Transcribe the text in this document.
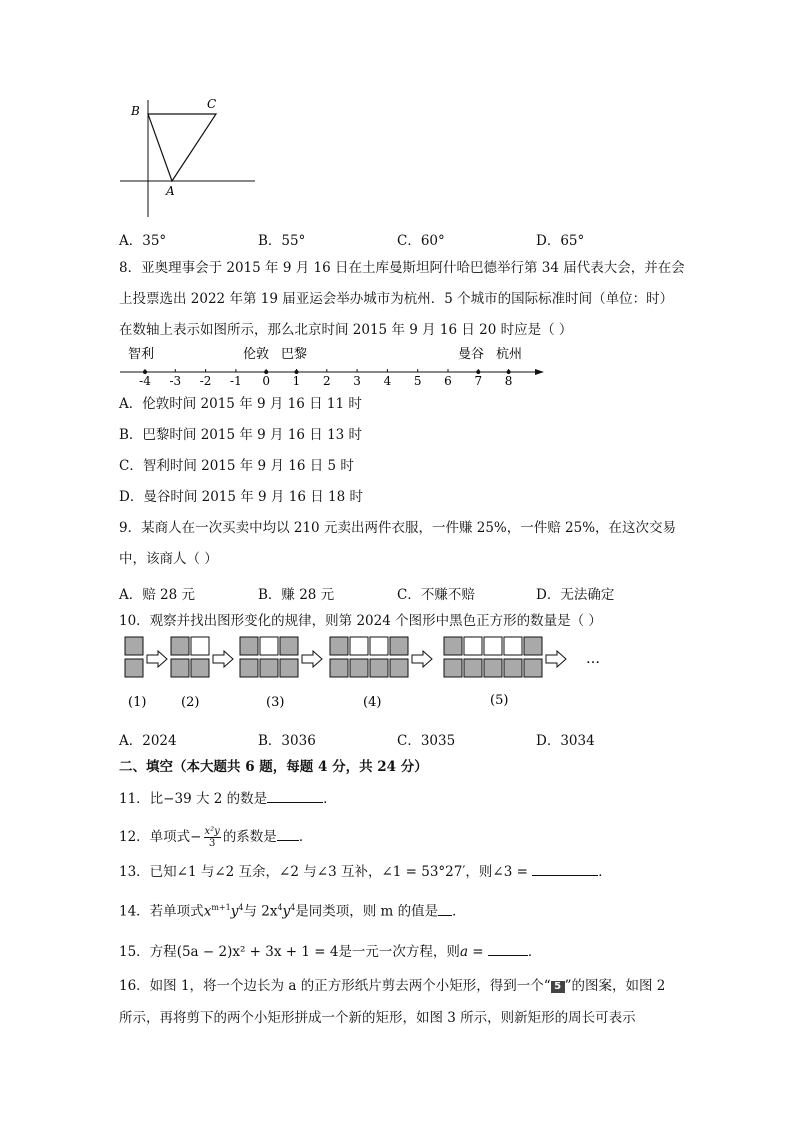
B	C
A
A．35°	B．55°	C．60°	D．65°
8．亚奥理事会于 2015 年 9 月 16 日在土库曼斯坦阿什哈巴德举行第 34 届代表大会，并在会
上投票选出 2022 年第 19 届亚运会举办城市为杭州．5 个城市的国际标准时间（单位：时）
在数轴上表示如图所示，那么北京时间 2015 年 9 月 16 日 20 时应是（ ）
智利	伦敦 巴黎	曼谷 杭州
-4 -3 -2 -1 0 1 2 3 4 5 6 7 8
A．伦敦时间 2015 年 9 月 16 日 11 时
B．巴黎时间 2015 年 9 月 16 日 13 时
C．智利时间 2015 年 9 月 16 日 5 时
D．曼谷时间 2015 年 9 月 16 日 18 时
9．某商人在一次买卖中均以 210 元卖出两件衣服，一件赚 25%，一件赔 25%，在这次交易
中，该商人（ ）
A．赔 28 元	B．赚 28 元	C．不赚不赔	D．无法确定
10．观察并找出图形变化的规律，则第 2024 个图形中黑色正方形的数量是（ ）
…
(1)	(2)	(3)	(4)	(5)
A．2024	B．3036	C．3035	D．3034
二、填空（本大题共 6 题，每题 4 分，共 24 分）
11．比−39 大 2 的数是	．
12．单项式− $\frac{\text{x²y}}{3}$ 的系数是 ．
13．已知∠1 与∠2 互余，∠2 与∠3 互补，∠1 = 53°27′，则∠3 =	．
14．若单项式$x^{m+1}y^4$与 $2x^4y^4$是同类项，则 m 的值是 ．
15．方程(5a − 2)x² + 3x + 1 = 4是一元一次方程，则a =	．
16．如图 1，将一个边长为 a 的正方形纸片剪去两个小矩形，得到一个“ 5 ”的图案，如图 2
所示，再将剪下的两个小矩形拼成一个新的矩形，如图 3 所示，则新矩形的周长可表示
